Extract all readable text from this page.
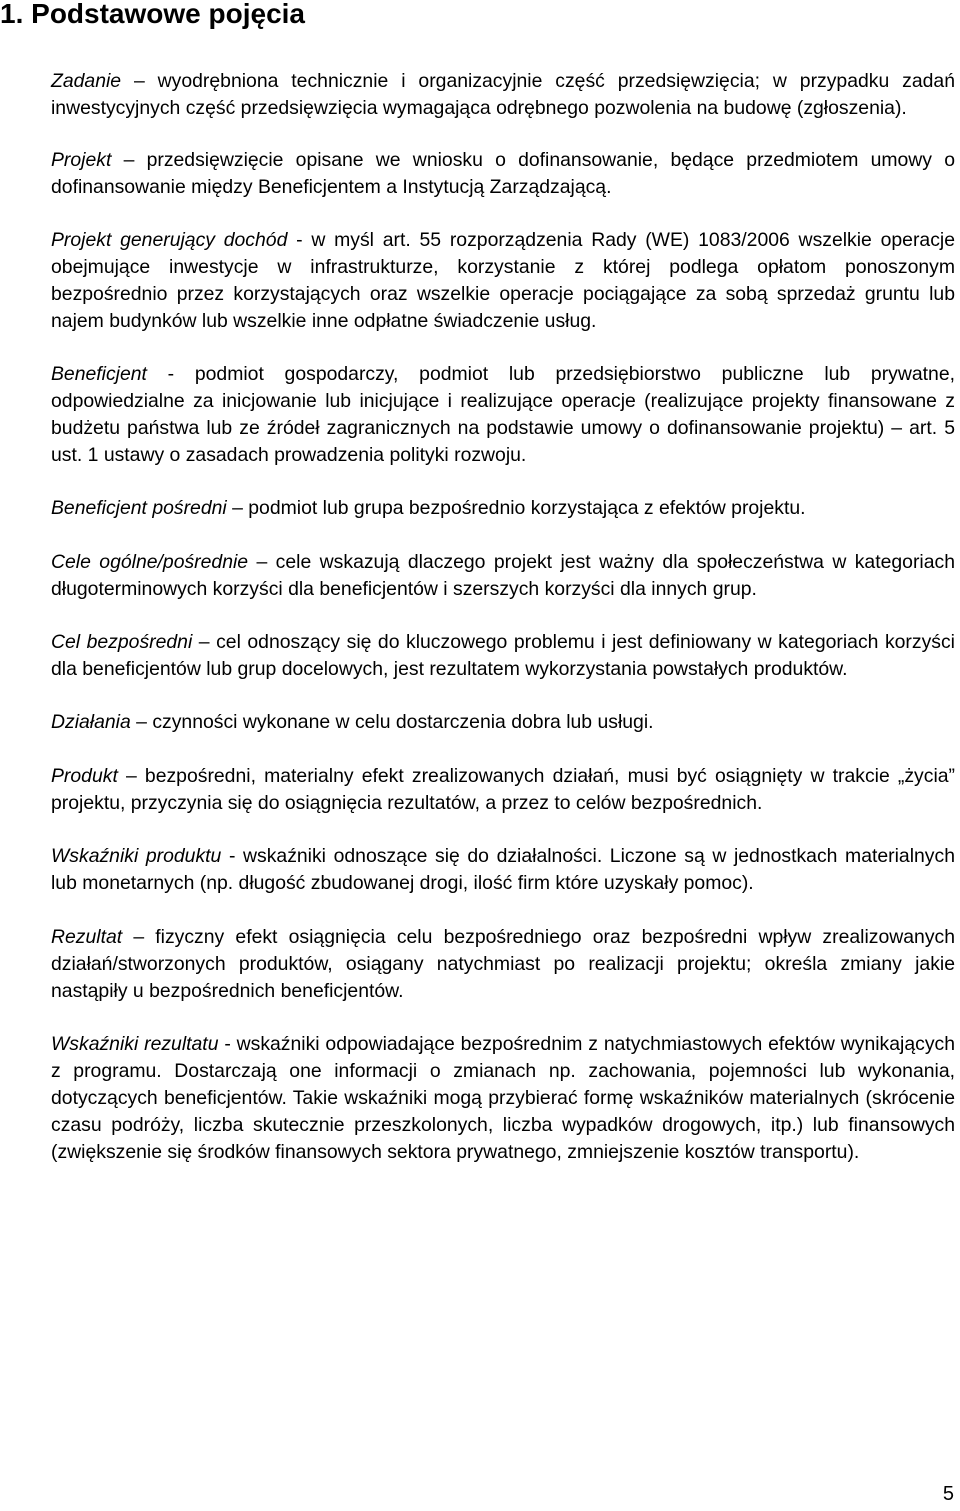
1. Podstawowe pojęcia

Zadanie – wyodrębniona technicznie i organizacyjnie część przedsięwzięcia; w przypadku zadań inwestycyjnych część przedsięwzięcia wymagająca odrębnego pozwolenia na budowę (zgłoszenia).

Projekt – przedsięwzięcie opisane we wniosku o dofinansowanie, będące przedmiotem umowy o dofinansowanie między Beneficjentem a Instytucją Zarządzającą.

Projekt generujący dochód - w myśl art. 55 rozporządzenia Rady (WE) 1083/2006 wszelkie operacje obejmujące inwestycje w infrastrukturze, korzystanie z której podlega opłatom ponoszonym bezpośrednio przez korzystających oraz wszelkie operacje pociągające za sobą sprzedaż gruntu lub najem budynków lub wszelkie inne odpłatne świadczenie usług.

Beneficjent - podmiot gospodarczy, podmiot lub przedsiębiorstwo publiczne lub prywatne, odpowiedzialne za inicjowanie lub inicjujące i realizujące operacje (realizujące projekty finansowane z budżetu państwa lub ze źródeł zagranicznych na podstawie umowy o dofinansowanie projektu) – art. 5 ust. 1 ustawy o zasadach prowadzenia polityki rozwoju.

Beneficjent pośredni – podmiot lub grupa bezpośrednio korzystająca z efektów projektu.

Cele ogólne/pośrednie – cele wskazują dlaczego projekt jest ważny dla społeczeństwa w kategoriach długoterminowych korzyści dla beneficjentów i szerszych korzyści dla innych grup.

Cel bezpośredni – cel odnoszący się do kluczowego problemu i jest definiowany w kategoriach korzyści dla beneficjentów lub grup docelowych, jest rezultatem wykorzystania powstałych produktów.

Działania – czynności wykonane w celu dostarczenia dobra lub usługi.

Produkt – bezpośredni, materialny efekt zrealizowanych działań, musi być osiągnięty w trakcie „życia” projektu, przyczynia się do osiągnięcia rezultatów, a przez to celów bezpośrednich.

Wskaźniki produktu - wskaźniki odnoszące się do działalności. Liczone są w jednostkach materialnych lub monetarnych (np. długość zbudowanej drogi, ilość firm które uzyskały pomoc).

Rezultat – fizyczny efekt osiągnięcia celu bezpośredniego oraz bezpośredni wpływ zrealizowanych działań/stworzonych produktów, osiągany natychmiast po realizacji projektu; określa zmiany jakie nastąpiły u bezpośrednich beneficjentów.

Wskaźniki rezultatu - wskaźniki odpowiadające bezpośrednim z natychmiastowych efektów wynikających z programu. Dostarczają one informacji o zmianach np. zachowania, pojemności lub wykonania, dotyczących beneficjentów. Takie wskaźniki mogą przybierać formę wskaźników materialnych (skrócenie czasu podróży, liczba skutecznie przeszkolonych, liczba wypadków drogowych, itp.) lub finansowych (zwiększenie się środków finansowych sektora prywatnego, zmniejszenie kosztów transportu).

5
